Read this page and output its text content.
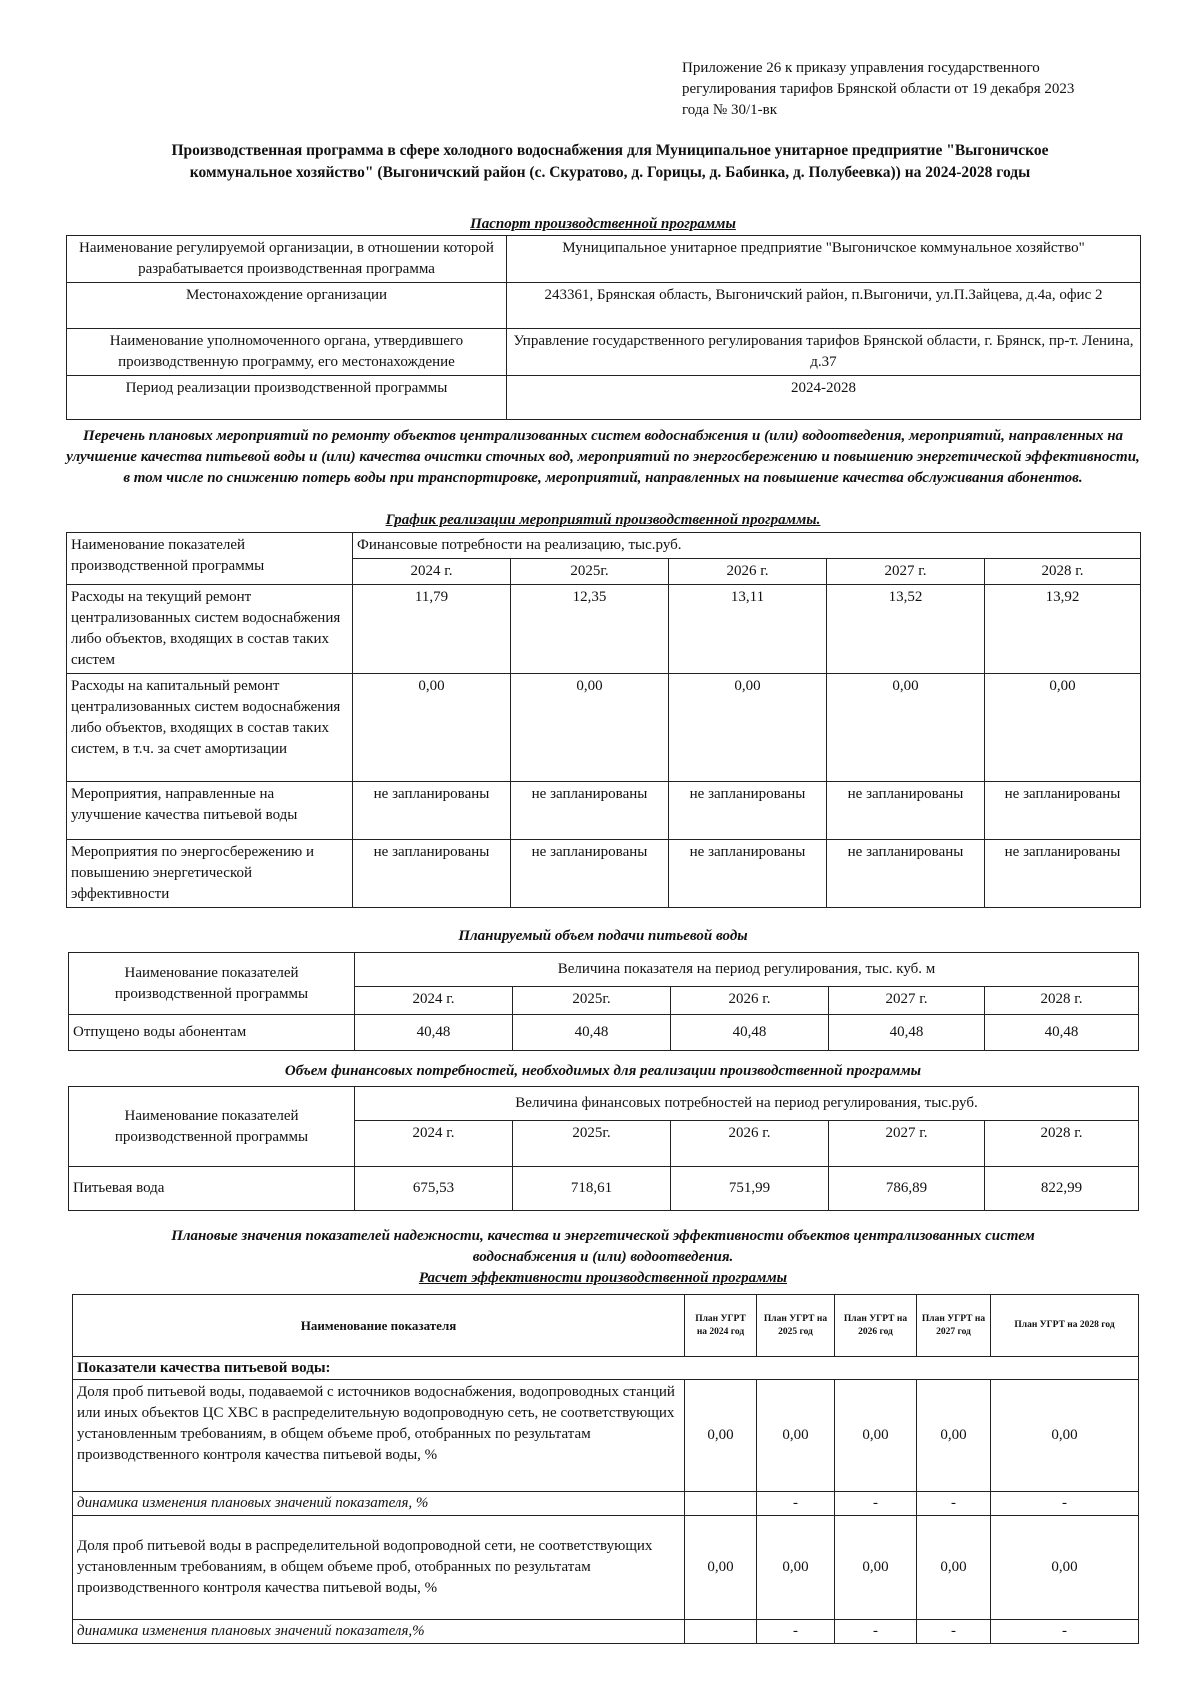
Приложение 26 к приказу управления государственного
регулирования тарифов Брянской области от 19 декабря 2023
года № 30/1-вк
Производственная программа в сфере холодного водоснабжения для Муниципальное унитарное предприятие "Выгоничское
коммунальное хозяйство" (Выгоничский район (с. Скуратово, д. Горицы, д. Бабинка, д. Полубеевка)) на 2024-2028 годы
Паспорт производственной программы
Наименование регулируемой организации, в отношении которой разрабатывается производственная программа	Муниципальное унитарное предприятие "Выгоничское коммунальное хозяйство"
Местонахождение организации	243361, Брянская область, Выгоничский район, п.Выгоничи, ул.П.Зайцева, д.4а, офис 2
Наименование уполномоченного органа, утвердившего производственную программу, его местонахождение	Управление государственного регулирования тарифов Брянской области, г. Брянск, пр-т. Ленина, д.37
Период реализации производственной программы	2024-2028
Перечень плановых мероприятий по ремонту объектов централизованных систем водоснабжения и (или) водоотведения, мероприятий, направленных на улучшение качества питьевой воды и (или) качества очистки сточных вод, мероприятий по энергосбережению и повышению энергетической эффективности, в том числе по снижению потерь воды при транспортировке, мероприятий, направленных на повышение качества обслуживания абонентов.
График реализации мероприятий производственной программы.
Наименование показателей производственной программы	Финансовые потребности на реализацию, тыс.руб.				
	2024 г.	2025г.	2026 г.	2027 г.	2028 г.
Расходы на текущий ремонт централизованных систем водоснабжения либо объектов, входящих в состав таких систем	11,79	12,35	13,11	13,52	13,92
Расходы на капитальный ремонт централизованных систем водоснабжения либо объектов, входящих в состав таких систем, в т.ч. за счет амортизации	0,00	0,00	0,00	0,00	0,00
Мероприятия, направленные на улучшение качества питьевой воды	не запланированы	не запланированы	не запланированы	не запланированы	не запланированы
Мероприятия по энергосбережению и повышению энергетической эффективности	не запланированы	не запланированы	не запланированы	не запланированы	не запланированы
Планируемый объем подачи питьевой воды
Наименование показателей производственной программы	Величина показателя на период регулирования, тыс. куб. м				
	2024 г.	2025г.	2026 г.	2027 г.	2028 г.
Отпущено воды абонентам	40,48	40,48	40,48	40,48	40,48
Объем финансовых потребностей, необходимых для реализации производственной программы
Наименование показателей производственной программы	Величина финансовых потребностей на период регулирования, тыс.руб.				
	2024 г.	2025г.	2026 г.	2027 г.	2028 г.
Питьевая вода	675,53	718,61	751,99	786,89	822,99
Плановые значения показателей надежности, качества и энергетической эффективности объектов централизованных систем
водоснабжения и (или) водоотведения.
Расчет эффективности производственной программы
Наименование показателя	План УГРТ на 2024 год	План УГРТ на 2025 год	План УГРТ на 2026 год	План УГРТ на 2027 год	План УГРТ на 2028 год
Показатели качества питьевой воды:					
Доля проб питьевой воды, подаваемой с источников водоснабжения, водопроводных станций или иных объектов ЦС ХВС в распределительную водопроводную сеть, не соответствующих установленным требованиям, в общем объеме проб, отобранных по результатам производственного контроля качества питьевой воды, %	0,00	0,00	0,00	0,00	0,00
динамика изменения плановых значений показателя, %		-	-	-	-
Доля проб питьевой воды в распределительной водопроводной сети, не соответствующих установленным требованиям, в общем объеме проб, отобранных по результатам производственного контроля качества питьевой воды, %	0,00	0,00	0,00	0,00	0,00
динамика изменения плановых значений показателя,%		-	-	-	-
